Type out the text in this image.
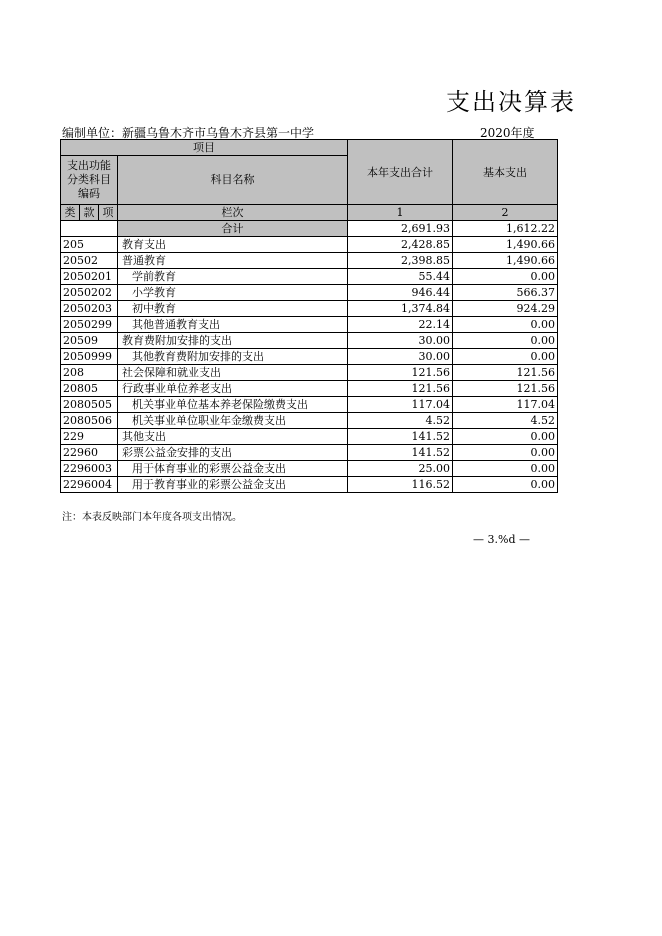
支出决算表
编制单位：新疆乌鲁木齐市乌鲁木齐县第一中学	2020年度
项目				本年支出合计	基本支出
支出功能分类科目编码			科目名称		
类	款	项			
			栏次	1	2
			合计	2,691.93	1,612.22
205			教育支出	2,428.85	1,490.66
20502			普通教育	2,398.85	1,490.66
2050201			学前教育	55.44	0.00
2050202			小学教育	946.44	566.37
2050203			初中教育	1,374.84	924.29
2050299			其他普通教育支出	22.14	0.00
20509			教育费附加安排的支出	30.00	0.00
2050999			其他教育费附加安排的支出	30.00	0.00
208			社会保障和就业支出	121.56	121.56
20805			行政事业单位养老支出	121.56	121.56
2080505			机关事业单位基本养老保险缴费支出	117.04	117.04
2080506			机关事业单位职业年金缴费支出	4.52	4.52
229			其他支出	141.52	0.00
22960			彩票公益金安排的支出	141.52	0.00
2296003			用于体育事业的彩票公益金支出	25.00	0.00
2296004			用于教育事业的彩票公益金支出	116.52	0.00
注：本表反映部门本年度各项支出情况。
— 3.%d —
